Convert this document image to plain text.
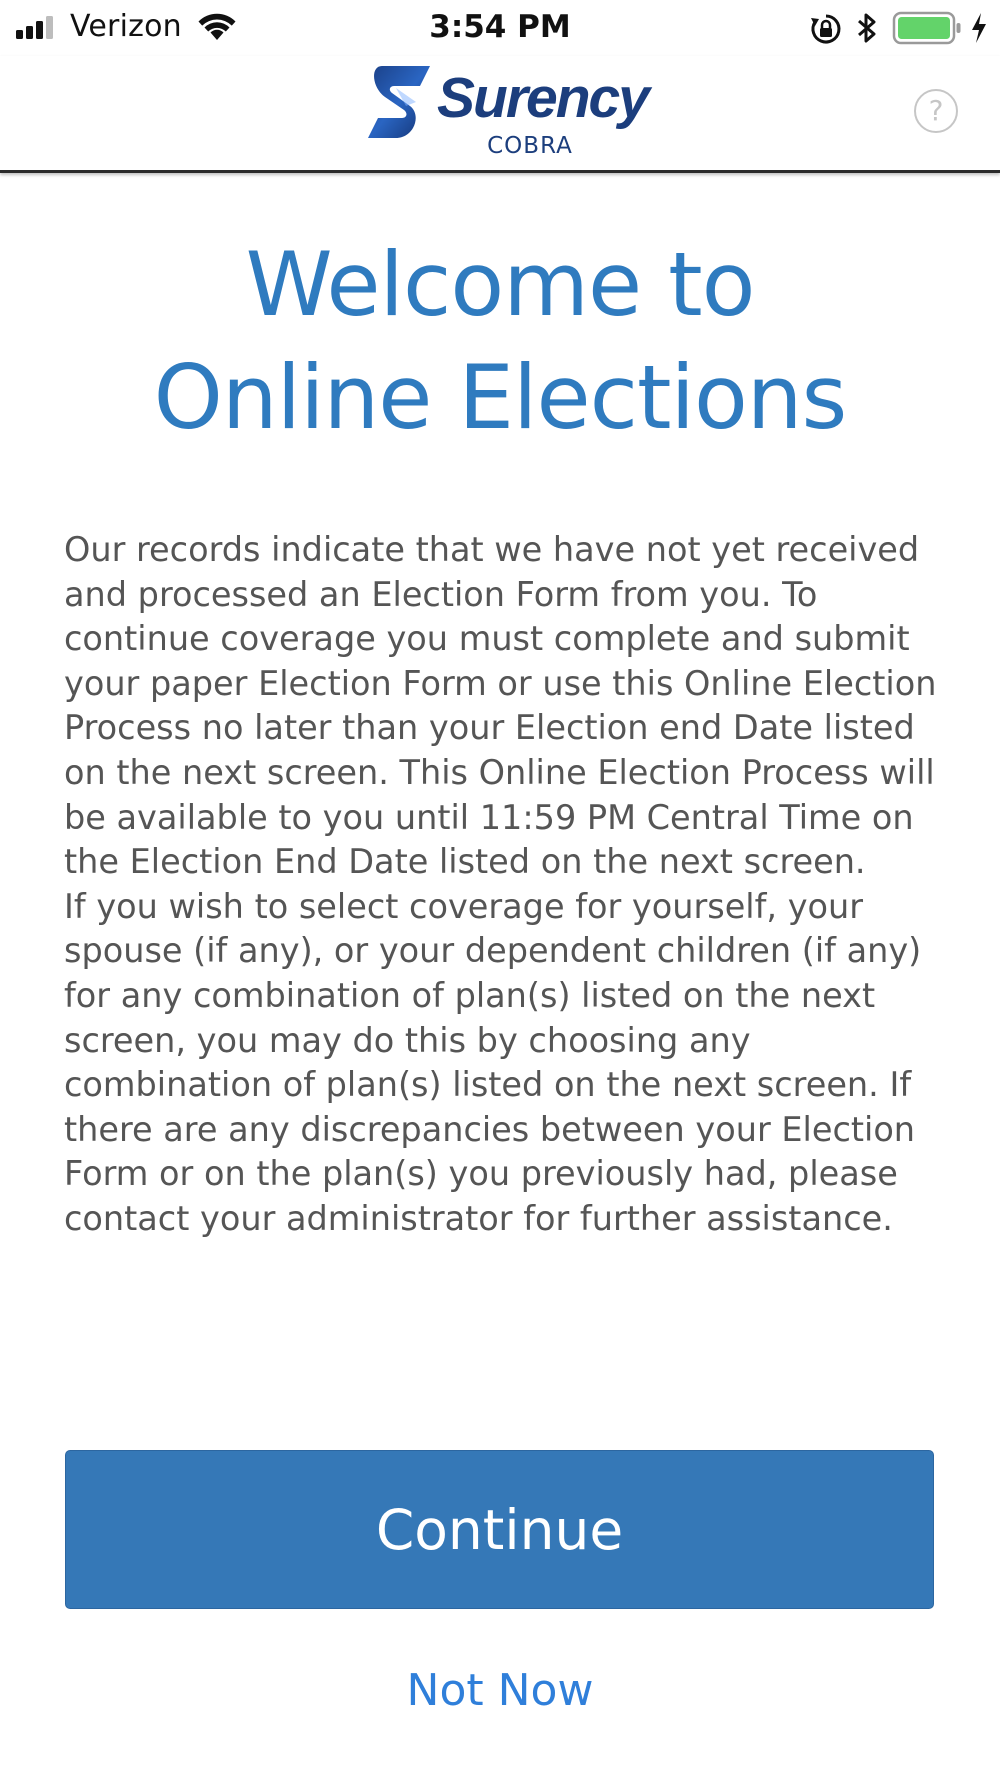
Verizon	3:54 PM
Surency
COBRA
?
Welcome to
Online Elections

Our records indicate that we have not yet received and processed an Election Form from you. To continue coverage you must complete and submit your paper Election Form or use this Online Election Process no later than your Election end Date listed on the next screen. This Online Election Process will be available to you until 11:59 PM Central Time on the Election End Date listed on the next screen.

If you wish to select coverage for yourself, your spouse (if any), or your dependent children (if any) for any combination of plan(s) listed on the next screen, you may do this by choosing any combination of plan(s) listed on the next screen. If there are any discrepancies between your Election Form or on the plan(s) you previously had, please contact your administrator for further assistance.

Continue
Not Now
